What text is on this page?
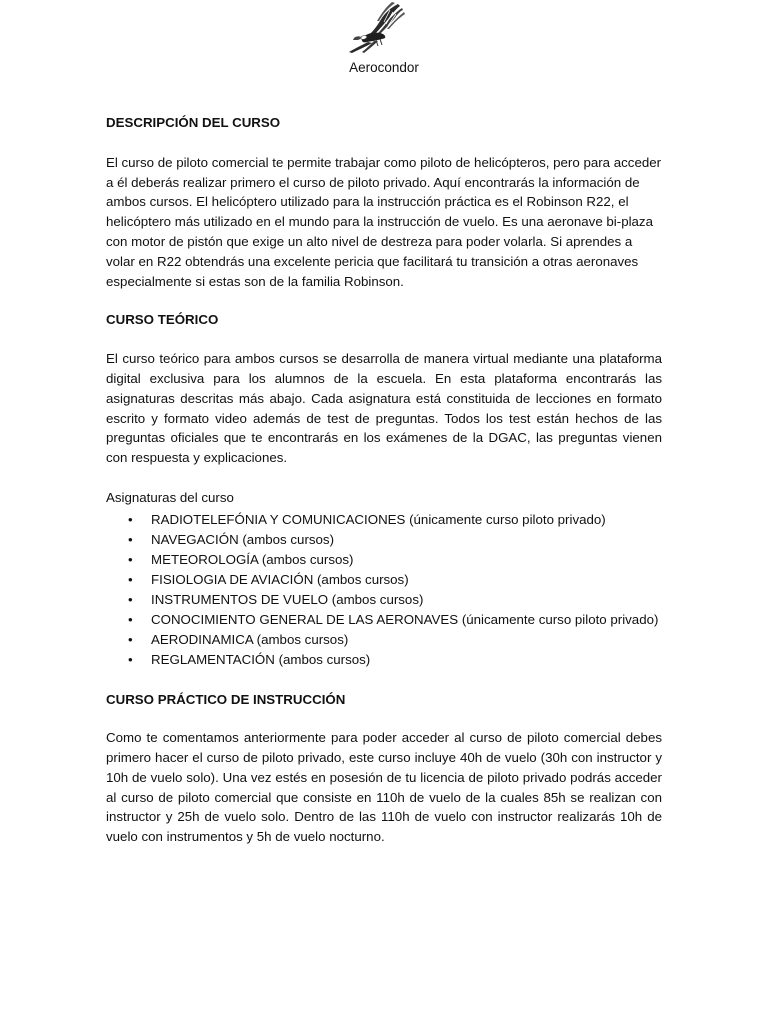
Aerocondor
DESCRIPCIÓN DEL CURSO

El curso de piloto comercial te permite trabajar como piloto de helicópteros, pero para acceder a él deberás realizar primero el curso de piloto privado. Aquí encontrarás la información de ambos cursos. El helicóptero utilizado para la instrucción práctica es el Robinson R22, el helicóptero más utilizado en el mundo para la instrucción de vuelo. Es una aeronave bi-plaza con motor de pistón que exige un alto nivel de destreza para poder volarla. Si aprendes a volar en R22 obtendrás una excelente pericia que facilitará tu transición a otras aeronaves especialmente si estas son de la familia Robinson.

CURSO TEÓRICO

El curso teórico para ambos cursos se desarrolla de manera virtual mediante una plataforma digital exclusiva para los alumnos de la escuela. En esta plataforma encontrarás las asignaturas descritas más abajo. Cada asignatura está constituida de lecciones en formato escrito y formato video además de test de preguntas. Todos los test están hechos de las preguntas oficiales que te encontrarás en los exámenes de la DGAC, las preguntas vienen con respuesta y explicaciones.

Asignaturas del curso

• RADIOTELEFÓNIA Y COMUNICACIONES (únicamente curso piloto privado)
• NAVEGACIÓN (ambos cursos)
• METEOROLOGÍA (ambos cursos)
• FISIOLOGIA DE AVIACIÓN (ambos cursos)
• INSTRUMENTOS DE VUELO (ambos cursos)
• CONOCIMIENTO GENERAL DE LAS AERONAVES (únicamente curso piloto privado)
• AERODINAMICA (ambos cursos)
• REGLAMENTACIÓN (ambos cursos)
CURSO PRÁCTICO DE INSTRUCCIÓN

Como te comentamos anteriormente para poder acceder al curso de piloto comercial debes primero hacer el curso de piloto privado, este curso incluye 40h de vuelo (30h con instructor y 10h de vuelo solo). Una vez estés en posesión de tu licencia de piloto privado podrás acceder al curso de piloto comercial que consiste en 110h de vuelo de la cuales 85h se realizan con instructor y 25h de vuelo solo. Dentro de las 110h de vuelo con instructor realizarás 10h de vuelo con instrumentos y 5h de vuelo nocturno.
